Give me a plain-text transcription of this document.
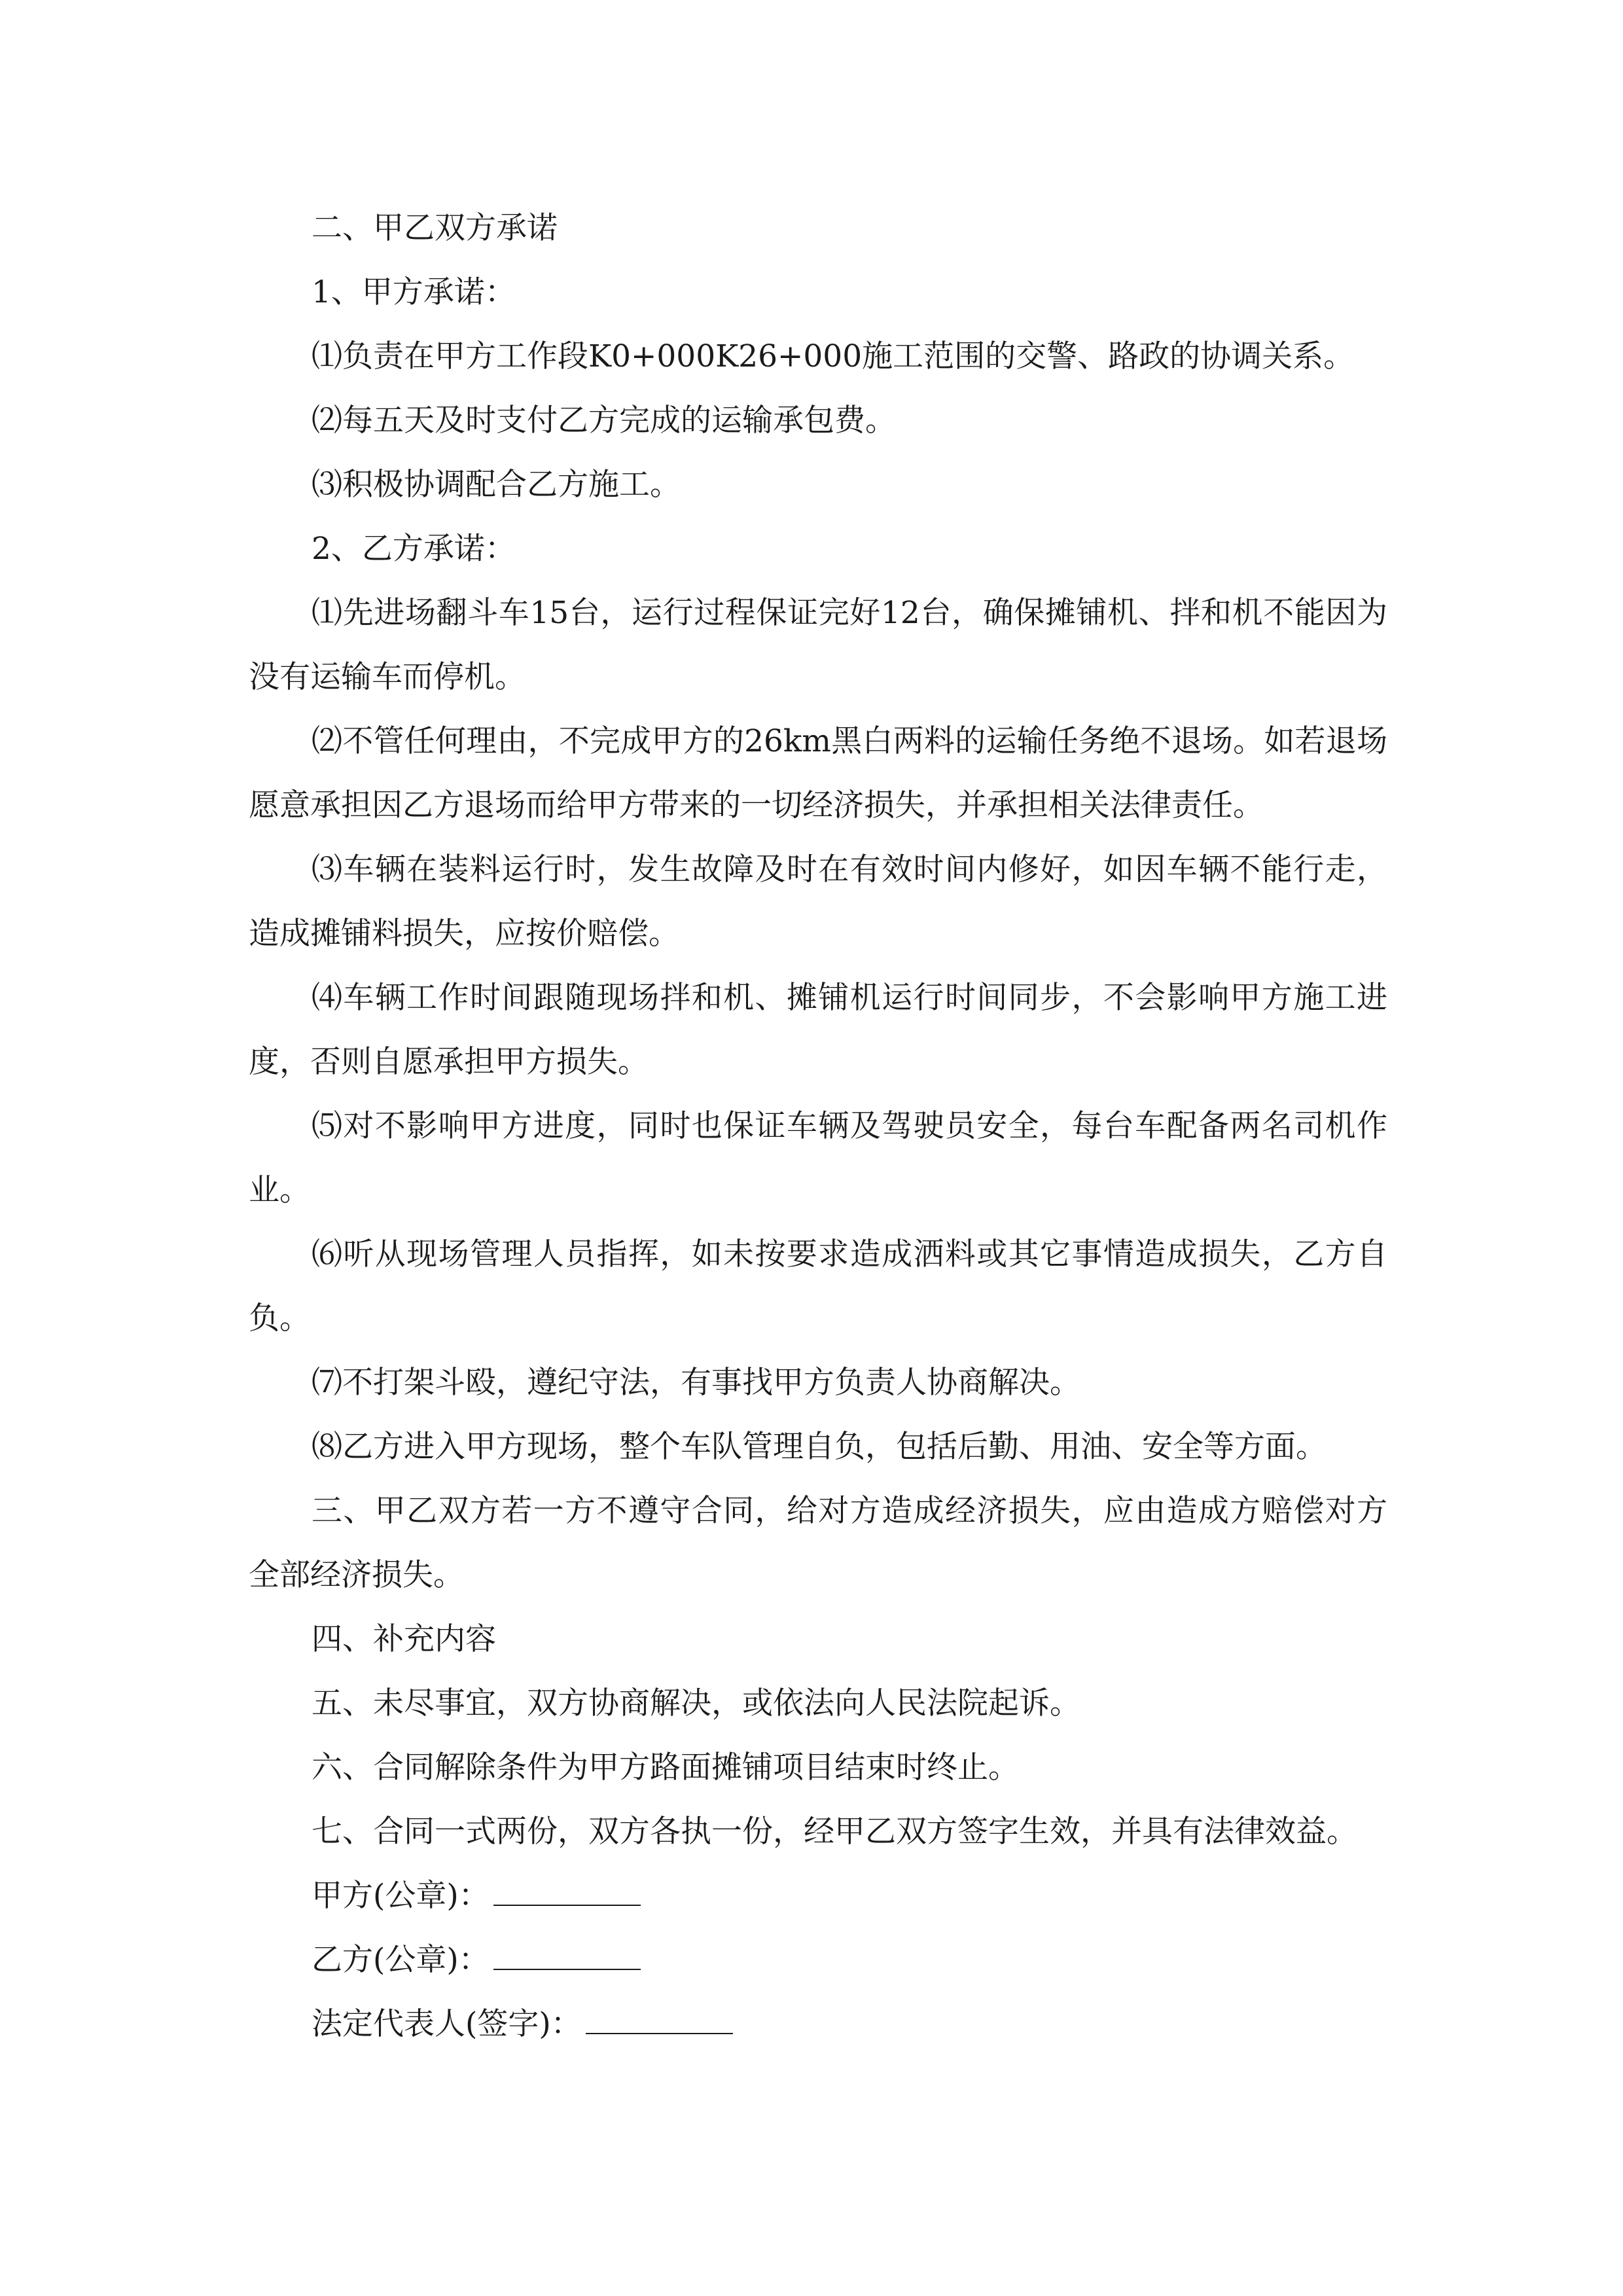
二、甲乙双方承诺

1、甲方承诺：

⑴负责在甲方工作段K0+000K26+000施工范围的交警、路政的协调关系。

⑵每五天及时支付乙方完成的运输承包费。

⑶积极协调配合乙方施工。

2、乙方承诺：

⑴先进场翻斗车15台，运行过程保证完好12台，确保摊铺机、拌和机不能因为没有运输车而停机。

⑵不管任何理由，不完成甲方的26km黑白两料的运输任务绝不退场。如若退场愿意承担因乙方退场而给甲方带来的一切经济损失，并承担相关法律责任。

⑶车辆在装料运行时，发生故障及时在有效时间内修好，如因车辆不能行走，造成摊铺料损失，应按价赔偿。

⑷车辆工作时间跟随现场拌和机、摊铺机运行时间同步，不会影响甲方施工进度，否则自愿承担甲方损失。

⑸对不影响甲方进度，同时也保证车辆及驾驶员安全，每台车配备两名司机作业。

⑹听从现场管理人员指挥，如未按要求造成洒料或其它事情造成损失，乙方自负。

⑺不打架斗殴，遵纪守法，有事找甲方负责人协商解决。

⑻乙方进入甲方现场，整个车队管理自负，包括后勤、用油、安全等方面。

三、甲乙双方若一方不遵守合同，给对方造成经济损失，应由造成方赔偿对方全部经济损失。

四、补充内容

五、未尽事宜，双方协商解决，或依法向人民法院起诉。

六、合同解除条件为甲方路面摊铺项目结束时终止。

七、合同一式两份，双方各执一份，经甲乙双方签字生效，并具有法律效益。

甲方(公章)：
乙方(公章)：
法定代表人(签字)：
